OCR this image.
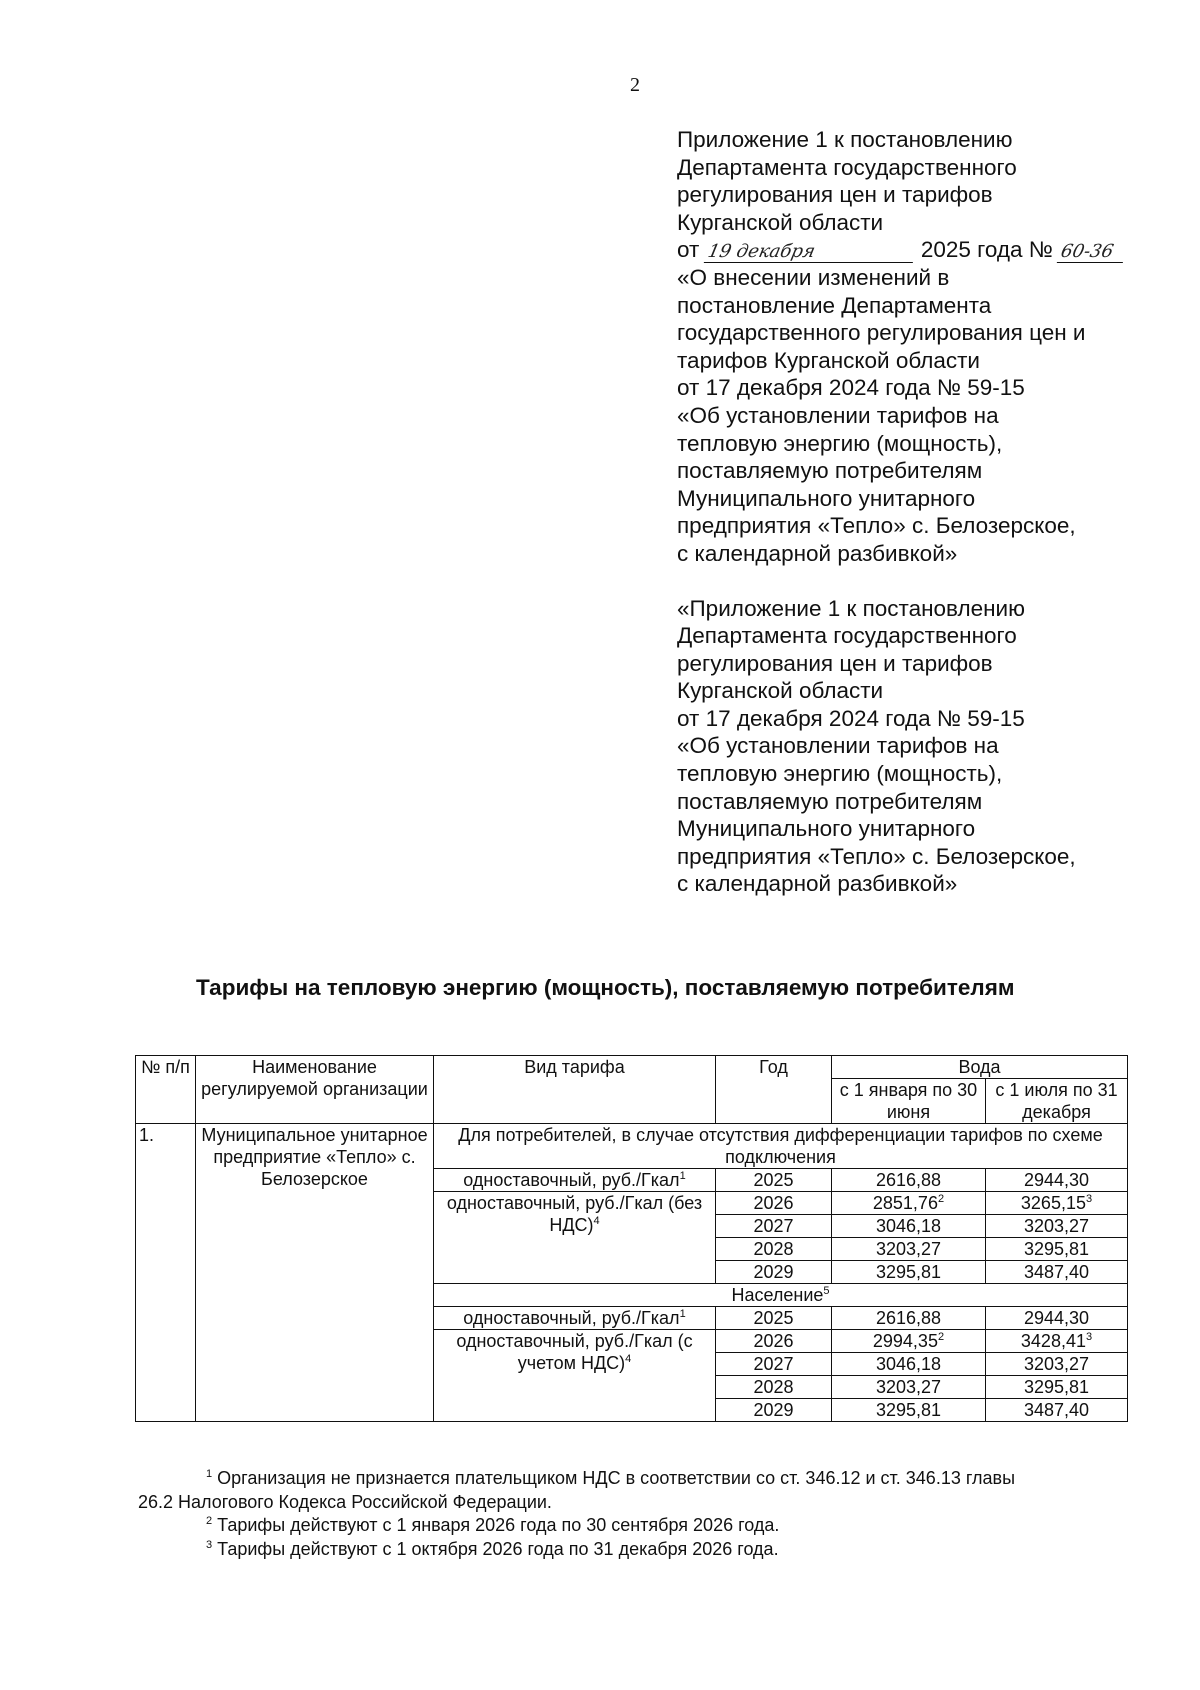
2
Приложение 1 к постановлению
Департамента государственного
регулирования цен и тарифов
Курганской области
от 19 декабря	2025 года № 60-36
«О внесении изменений в
постановление Департамента
государственного регулирования цен и
тарифов Курганской области
от 17 декабря 2024 года № 59-15
«Об установлении тарифов на
тепловую энергию (мощность),
поставляемую потребителям
Муниципального унитарного
предприятия «Тепло» с. Белозерское,
с календарной разбивкой»
«Приложение 1 к постановлению
Департамента государственного
регулирования цен и тарифов
Курганской области
от 17 декабря 2024 года № 59-15
«Об установлении тарифов на
тепловую энергию (мощность),
поставляемую потребителям
Муниципального унитарного
предприятия «Тепло» с. Белозерское,
с календарной разбивкой»
Тарифы на тепловую энергию (мощность), поставляемую потребителям
№ п/п	Наименование регулируемой организации	Вид тарифа	Год	Вода	
				с 1 января по 30 июня	с 1 июля по 31 декабря
1.	Муниципальное унитарное предприятие «Тепло» с. Белозерское	Для потребителей, в случае отсутствия дифференциации тарифов по схеме подключения			
		одноставочный, руб./Гкал$^1$	2025	2616,88	2944,30
		одноставочный, руб./Гкал (без НДС)$^4$	2026	2851,76$^2$	3265,15$^3$
			2027	3046,18	3203,27
			2028	3203,27	3295,81
			2029	3295,81	3487,40
		Население$^5$
		одноставочный, руб./Гкал$^1$	2025	2616,88	2944,30
		одноставочный, руб./Гкал (с учетом НДС)$^4$	2026	2994,35$^2$	3428,41$^3$
			2027	3046,18	3203,27
			2028	3203,27	3295,81
			2029	3295,81	3487,40
$^1$ Организация не признается плательщиком НДС в соответствии со ст. 346.12 и ст. 346.13 главы
26.2 Налогового Кодекса Российской Федерации.
$^2$ Тарифы действуют с 1 января 2026 года по 30 сентября 2026 года.
$^3$ Тарифы действуют с 1 октября 2026 года по 31 декабря 2026 года.
